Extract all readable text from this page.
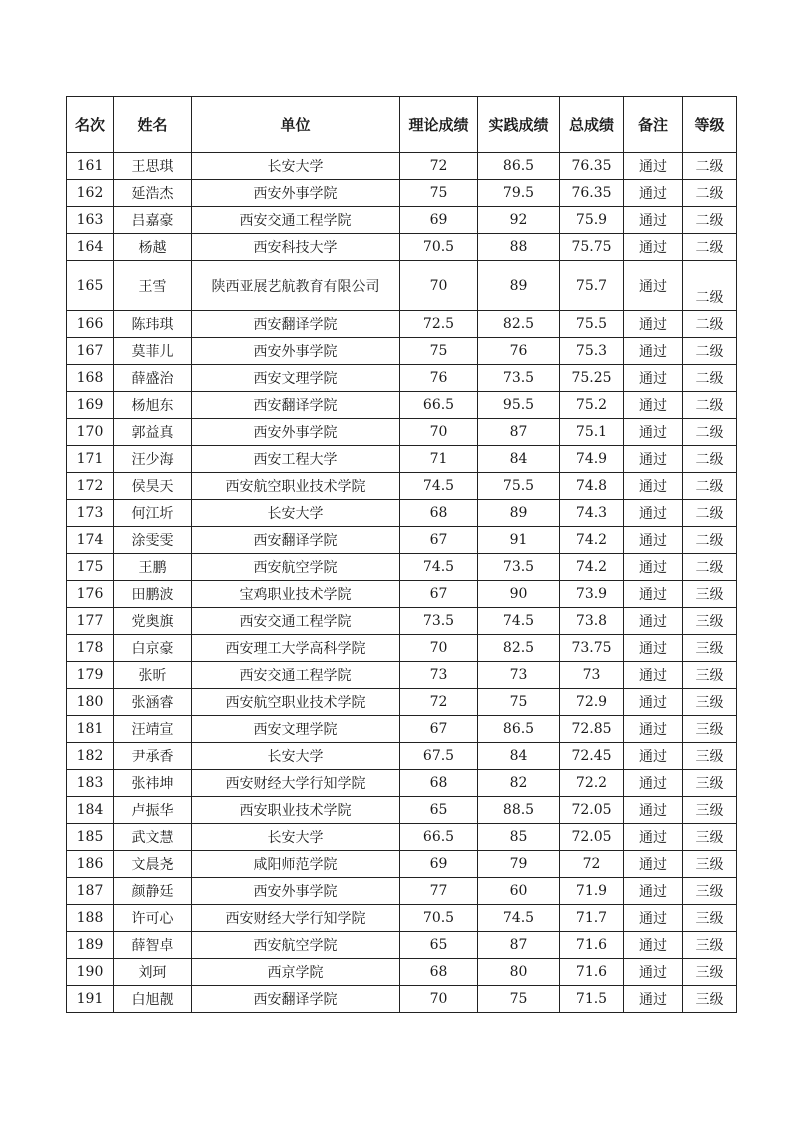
名次	姓名	单位	理论成绩	实践成绩	总成绩	备注	等级
161	王思琪	长安大学	72	86.5	76.35	通过	二级
162	延浩杰	西安外事学院	75	79.5	76.35	通过	二级
163	吕嘉豪	西安交通工程学院	69	92	75.9	通过	二级
164	杨越	西安科技大学	70.5	88	75.75	通过	二级
165	王雪	陕西亚展艺航教育有限公司	70	89	75.7	通过	二级
166	陈玮琪	西安翻译学院	72.5	82.5	75.5	通过	二级
167	莫菲儿	西安外事学院	75	76	75.3	通过	二级
168	薛盛治	西安文理学院	76	73.5	75.25	通过	二级
169	杨旭东	西安翻译学院	66.5	95.5	75.2	通过	二级
170	郭益真	西安外事学院	70	87	75.1	通过	二级
171	汪少海	西安工程大学	71	84	74.9	通过	二级
172	侯昊天	西安航空职业技术学院	74.5	75.5	74.8	通过	二级
173	何江圻	长安大学	68	89	74.3	通过	二级
174	涂雯雯	西安翻译学院	67	91	74.2	通过	二级
175	王鹏	西安航空学院	74.5	73.5	74.2	通过	二级
176	田鹏波	宝鸡职业技术学院	67	90	73.9	通过	三级
177	党奥旗	西安交通工程学院	73.5	74.5	73.8	通过	三级
178	白京豪	西安理工大学高科学院	70	82.5	73.75	通过	三级
179	张昕	西安交通工程学院	73	73	73	通过	三级
180	张涵睿	西安航空职业技术学院	72	75	72.9	通过	三级
181	汪靖宣	西安文理学院	67	86.5	72.85	通过	三级
182	尹承香	长安大学	67.5	84	72.45	通过	三级
183	张祎坤	西安财经大学行知学院	68	82	72.2	通过	三级
184	卢振华	西安职业技术学院	65	88.5	72.05	通过	三级
185	武文慧	长安大学	66.5	85	72.05	通过	三级
186	文晨尧	咸阳师范学院	69	79	72	通过	三级
187	颜静廷	西安外事学院	77	60	71.9	通过	三级
188	许可心	西安财经大学行知学院	70.5	74.5	71.7	通过	三级
189	薛智卓	西安航空学院	65	87	71.6	通过	三级
190	刘珂	西京学院	68	80	71.6	通过	三级
191	白旭靓	西安翻译学院	70	75	71.5	通过	三级
